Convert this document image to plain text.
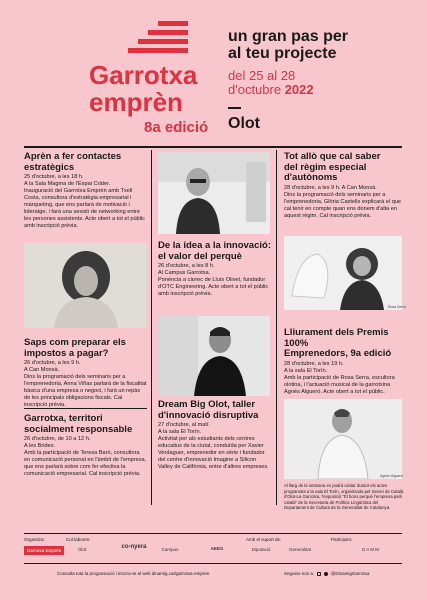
Garrotxa
emprèn
8a edició
un gran pas per
al teu projecte
del 25 al 28
d'octubre 2022
Olot
Aprèn a fer contactes
estratègics
25 d'octubre, a les 18 h.
A la Sala Magma de l'Espai Cràter.
Inauguració del Garrotxa Emprèn amb Txell Costa, consultora d'estratègia empresarial i màrqueting, que ens parlarà de motivació i lideratge, i farà una sessió de networking entre les persones assistents. Acte obert a tot el públic amb inscripció prèvia.
De la idea a la innovació:
el valor del perquè
26 d'octubre, a les 8 h.
Al Campus Garrotxa.
Ponència a càrrec de Lluís Olivet, fundador d'OTC Engineering. Acte obert a tot el públic amb inscripció prèvia.
Tot allò que cal saber
del règim especial
d'autònoms
28 d'octubre, a les 9 h. A Can Monsà.
Dins la programació dels seminaris per a l'emprenedoria, Glòria Castells explicarà el que cal tenir en compte quan ens donem d'alta en aquest règim. Cal inscripció prèvia.
Rosa Serra
Saps com preparar els
impostos a pagar?
26 d'octubre, a les 9 h.
A Can Monsà.
Dins la programació dels seminaris per a l'emprenedoria, Anna Viñas parlarà de la fiscalitat bàsica d'una empresa o negoci, i farà un repàs de les principals obligacions fiscals. Cal inscripció prèvia.
Garrotxa, territori
socialment responsable
26 d'octubre, de 10 a 12 h.
A les Brides.
Amb la participació de Teresa Baró, consultora en comunicació personal en l'àmbit de l'empresa, que ens parlarà sobre com fer efectiva la comunicació empresarial. Cal inscripció prèvia.
Dream Big Olot, taller
d'innovació disruptiva
27 d'octubre, al matí.
A la sala El Torín.
Activitat per als estudiants dels centres educatius de la ciutat, conduïda per Xavier Verdaguer, emprenedor en sèrie i fundador del centre d'innovació Imagine a Silicon Valley de Califòrnia, entre d'altres empreses.
Lliurament dels Premis 100%
Emprenedors, 9a edició
28 d'octubre, a les 19 h.
A la sala El Torín.
Amb la participació de Rosa Serra, escultora olotina, i l'actuació musical de la garrotxina Agnès Algueró. Acte obert a tot el públic.
Agnès Algueró
Al llarg de la setmana es podrà visitar durant els actes programats a la sala El Torín, organitzada pel Servei de Català d'Olot-La Garrotxa, l'exposició "El bons perquè l'empresa parli català" de la Secretaria de Política Lingüística del Departament de Cultura de la Generalitat de Catalunya.
Organitza:	Col·laboren:	Amb el suport de:	Participen:
Garrotxa Emprèn	Olot	co-nyera	Campus	AEEG	Diputació	Generalitat	DAMM
Consulta tota la programació i inscriu-te al web dinamig.cat/garrotxa-empren	Segueix-nos a:	@DinamigGarrotxa
